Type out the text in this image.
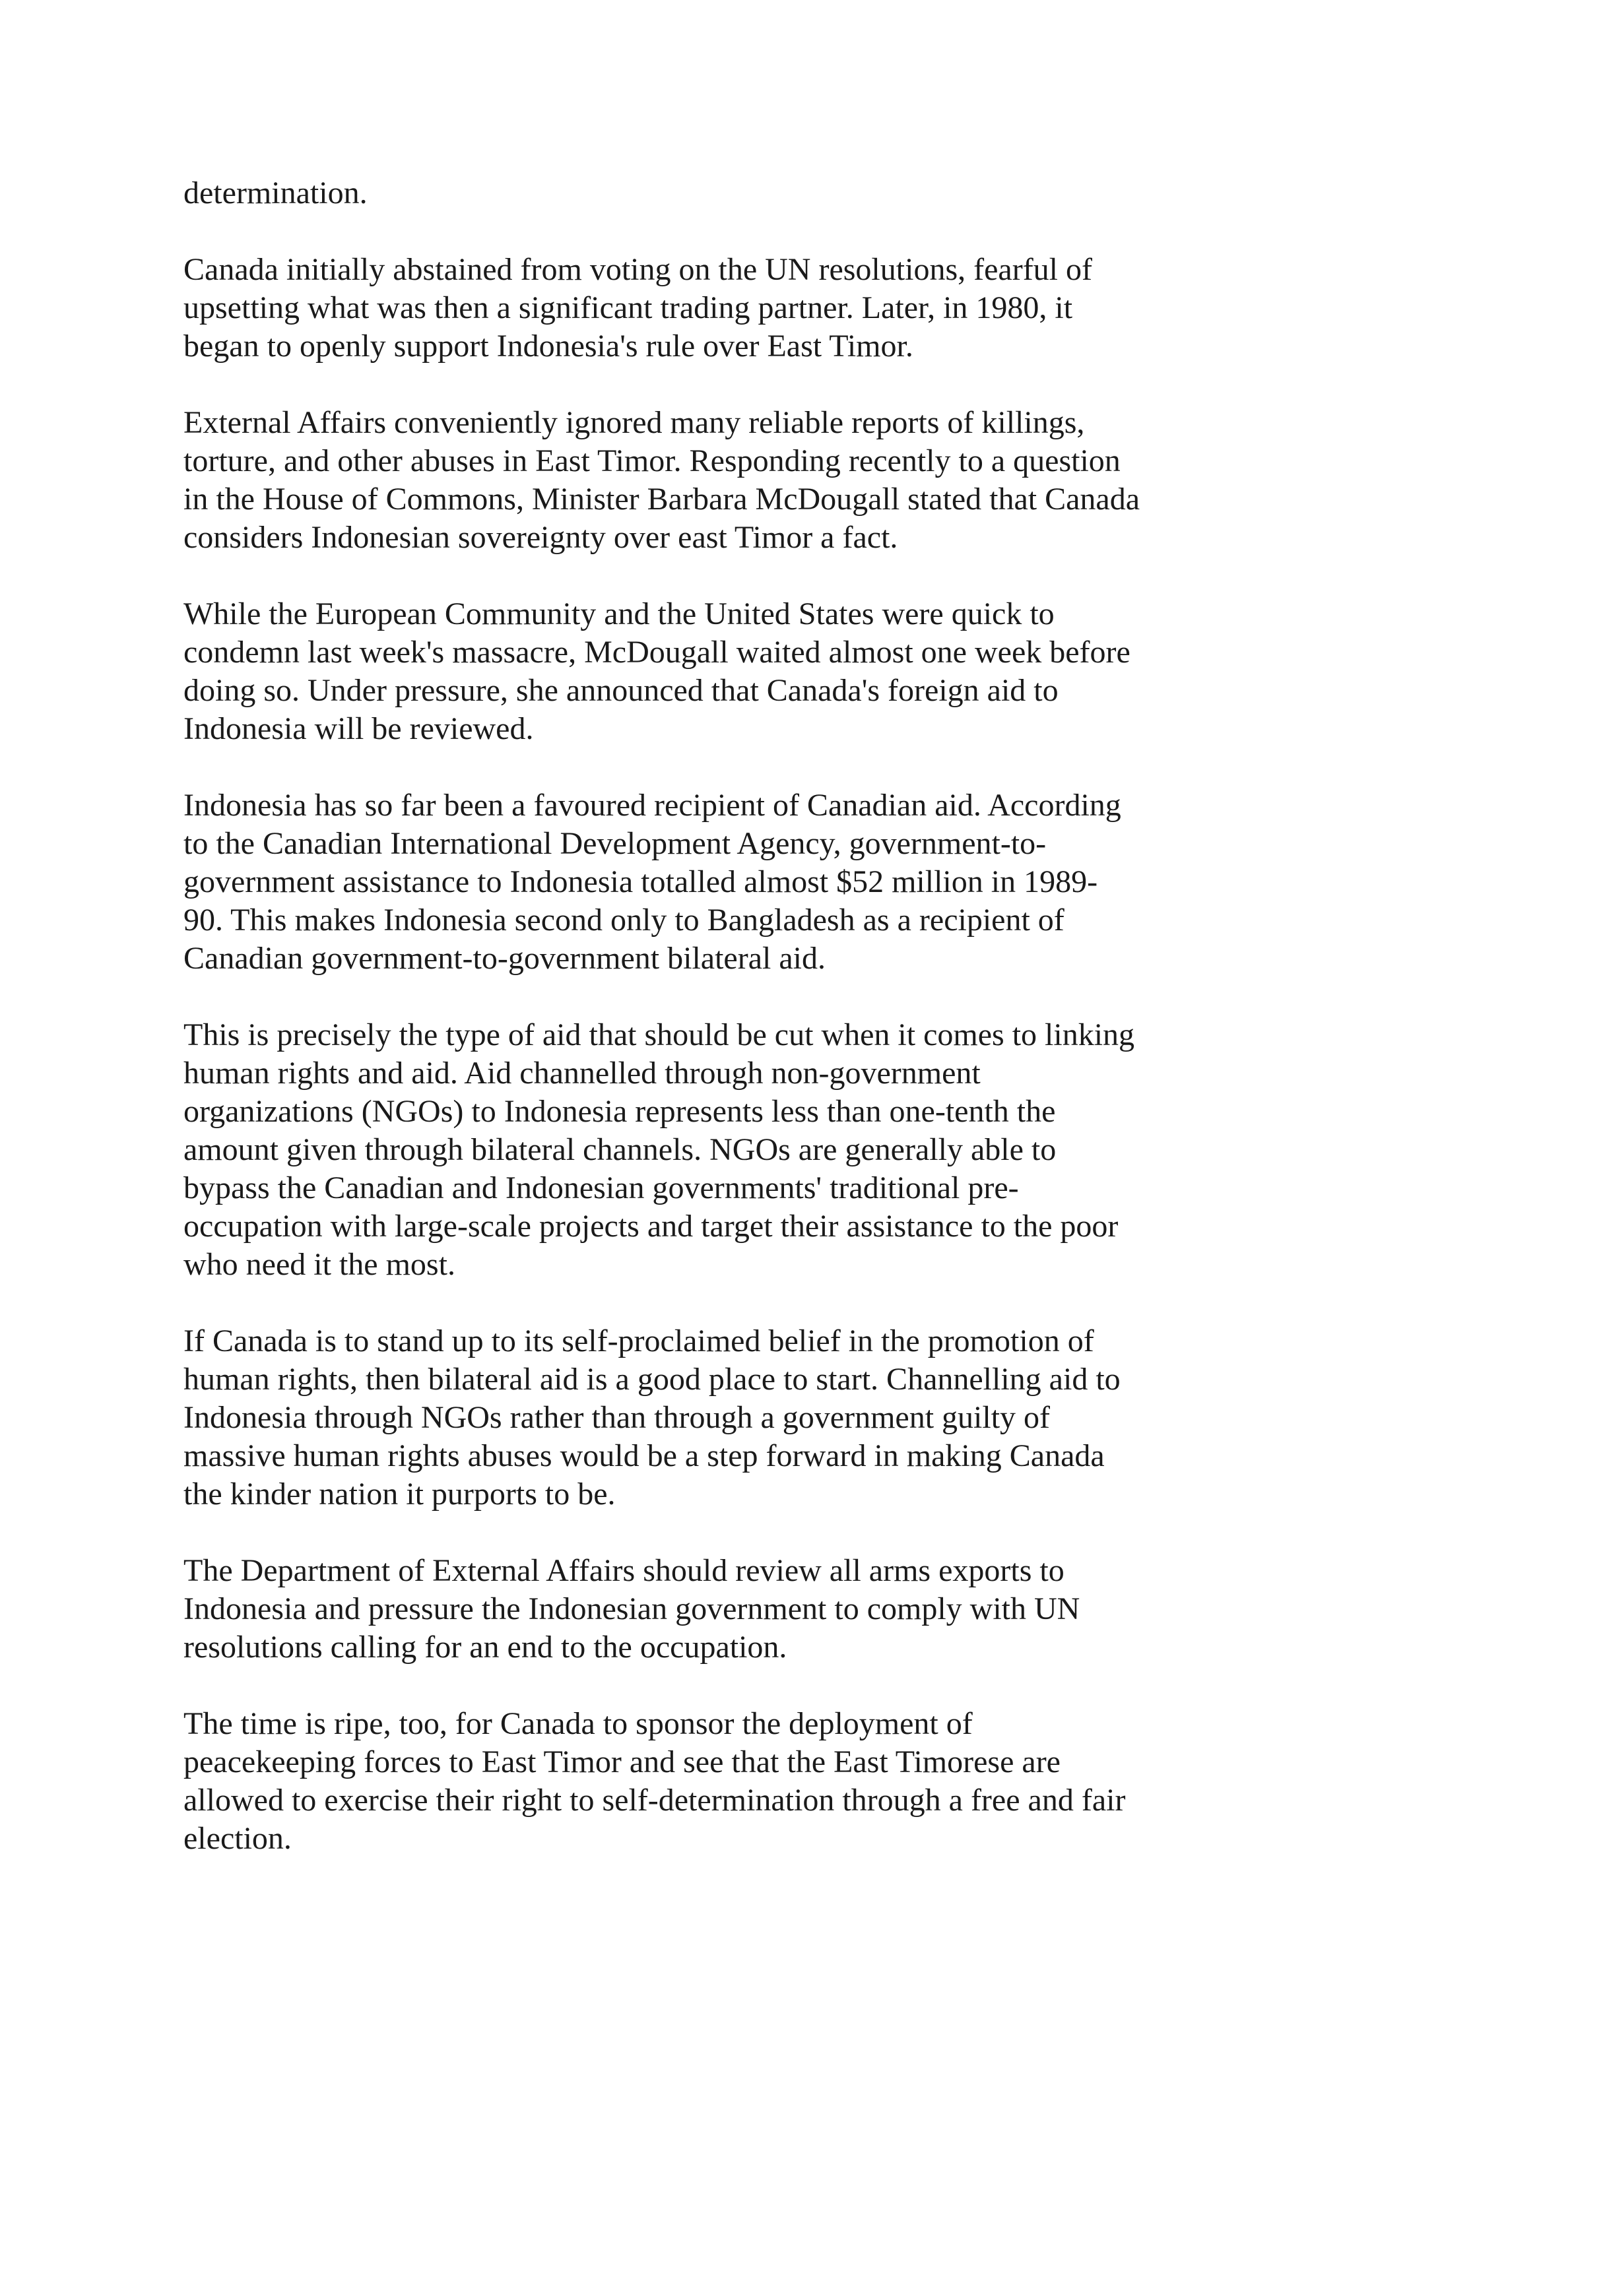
determination.

Canada initially abstained from voting on the UN resolutions, fearful of
upsetting what was then a significant trading partner. Later, in 1980, it
began to openly support Indonesia's rule over East Timor.

External Affairs conveniently ignored many reliable reports of killings,
torture, and other abuses in East Timor. Responding recently to a question
in the House of Commons, Minister Barbara McDougall stated that Canada
considers Indonesian sovereignty over east Timor a fact.

While the European Community and the United States were quick to
condemn last week's massacre, McDougall waited almost one week before
doing so. Under pressure, she announced that Canada's foreign aid to
Indonesia will be reviewed.

Indonesia has so far been a favoured recipient of Canadian aid. According
to the Canadian International Development Agency, government-to-
government assistance to Indonesia totalled almost $52 million in 1989-
90. This makes Indonesia second only to Bangladesh as a recipient of
Canadian government-to-government bilateral aid.

This is precisely the type of aid that should be cut when it comes to linking
human rights and aid. Aid channelled through non-government
organizations (NGOs) to Indonesia represents less than one-tenth the
amount given through bilateral channels. NGOs are generally able to
bypass the Canadian and Indonesian governments' traditional pre-
occupation with large-scale projects and target their assistance to the poor
who need it the most.

If Canada is to stand up to its self-proclaimed belief in the promotion of
human rights, then bilateral aid is a good place to start. Channelling aid to
Indonesia through NGOs rather than through a government guilty of
massive human rights abuses would be a step forward in making Canada
the kinder nation it purports to be.

The Department of External Affairs should review all arms exports to
Indonesia and pressure the Indonesian government to comply with UN
resolutions calling for an end to the occupation.

The time is ripe, too, for Canada to sponsor the deployment of
peacekeeping forces to East Timor and see that the East Timorese are
allowed to exercise their right to self-determination through a free and fair
election.
